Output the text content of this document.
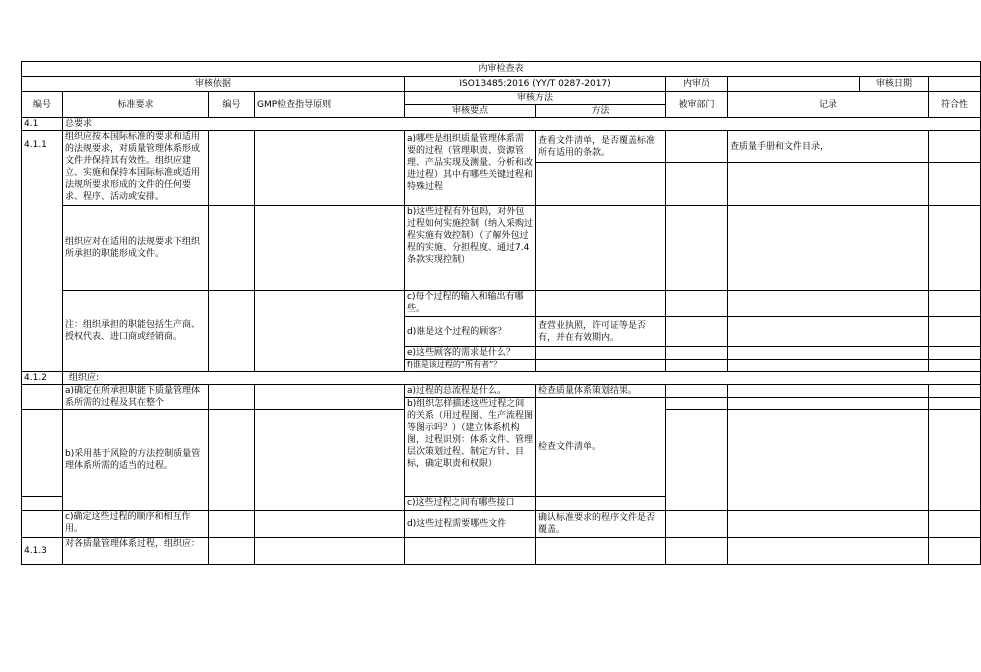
内审检查表									
审核依据				ISO13485:2016 (YY/T 0287-2017)		内审员		审核日期	
编号	标准要求	编号	GMP检查指导原则	审核方法		被审部门	记录		符合性
				审核要点	方法				
4.1	总要求								
4.1.1	组织应按本国际标准的要求和适用的法规要求，对质量管理体系形成文件并保持其有效性。组织应建立、实施和保持本国际标准或适用法规所要求形成的文件的任何要求、程序、活动或安排。			a)哪些是组织质量管理体系需要的过程（管理职责、资源管理、产品实现及测量、分析和改进过程）其中有哪些关键过程和特殊过程	查看文件清单，是否覆盖标准所有适用的条款。		查质量手册和文件目录，		

	组织应对在适用的法规要求下组织所承担的职能形成文件。			b)这些过程有外包吗，对外包过程如何实施控制（纳入采购过程实施有效控制）（了解外包过程的实施、分担程度、通过7.4条款实现控制）					
	注：组织承担的职能包括生产商、授权代表、进口商或经销商。			c)每个过程的输入和输出有哪些。					
				d)谁是这个过程的顾客？	查营业执照，许可证等是否有，并在有效期内。				
				e)这些顾客的需求是什么？					
				f)谁是该过程的“所有者”？					
4.1.2	组织应:								
	a)确定在所承担职能下质量管理体系所需的过程及其在整个			a)过程的总流程是什么。	检查质量体系策划结果。				
				b)组织怎样描述这些过程之间的关系（用过程图、生产流程图等图示吗？）（建立体系机构图，过程识别：体系文件、管理层次策划过程、制定方针、目标，确定职责和权限）	检查文件清单。				
	b)采用基于风险的方法控制质量管理体系所需的适当的过程。								
				c)这些过程之间有哪些接口					
	c)确定这些过程的顺序和相互作用。			d)这些过程需要哪些文件	确认标准要求的程序文件是否覆盖。				
4.1.3	对各质量管理体系过程，组织应：								
